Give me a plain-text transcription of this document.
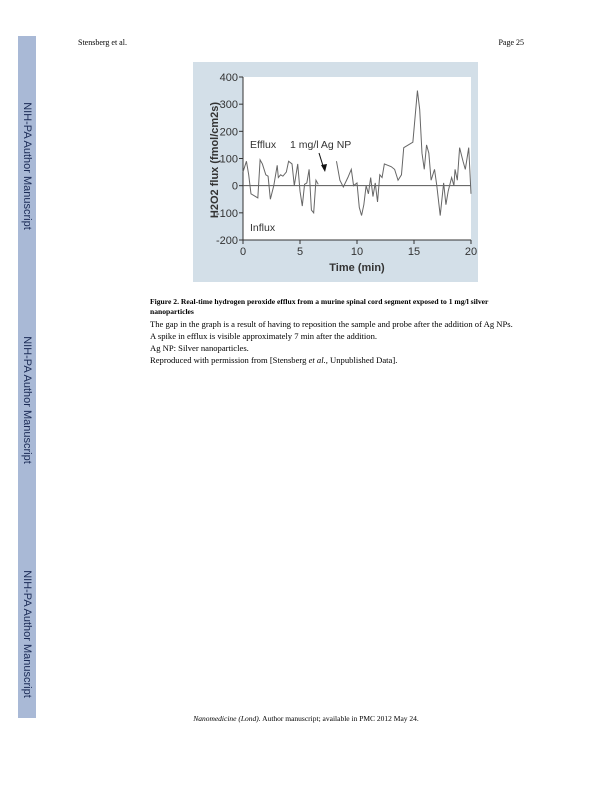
NIH-PA Author Manuscript
NIH-PA Author Manuscript
NIH-PA Author Manuscript
Stensberg et al.	Page 25
0	5	10	15	20
400
300
200
100
0
-100
-200
Efflux 1 mg/l Ag NP
Influx
Time (min)
H2O2 flux (fmol/cm2s)
Figure 2. Real-time hydrogen peroxide efflux from a murine spinal cord segment exposed to 1 mg/l silver nanoparticles
The gap in the graph is a result of having to reposition the sample and probe after the addition of Ag NPs. A spike in efflux is visible approximately 7 min after the addition.
Ag NP: Silver nanoparticles.
Reproduced with permission from [Stensberg et al., Unpublished Data].
Nanomedicine (Lond). Author manuscript; available in PMC 2012 May 24.
